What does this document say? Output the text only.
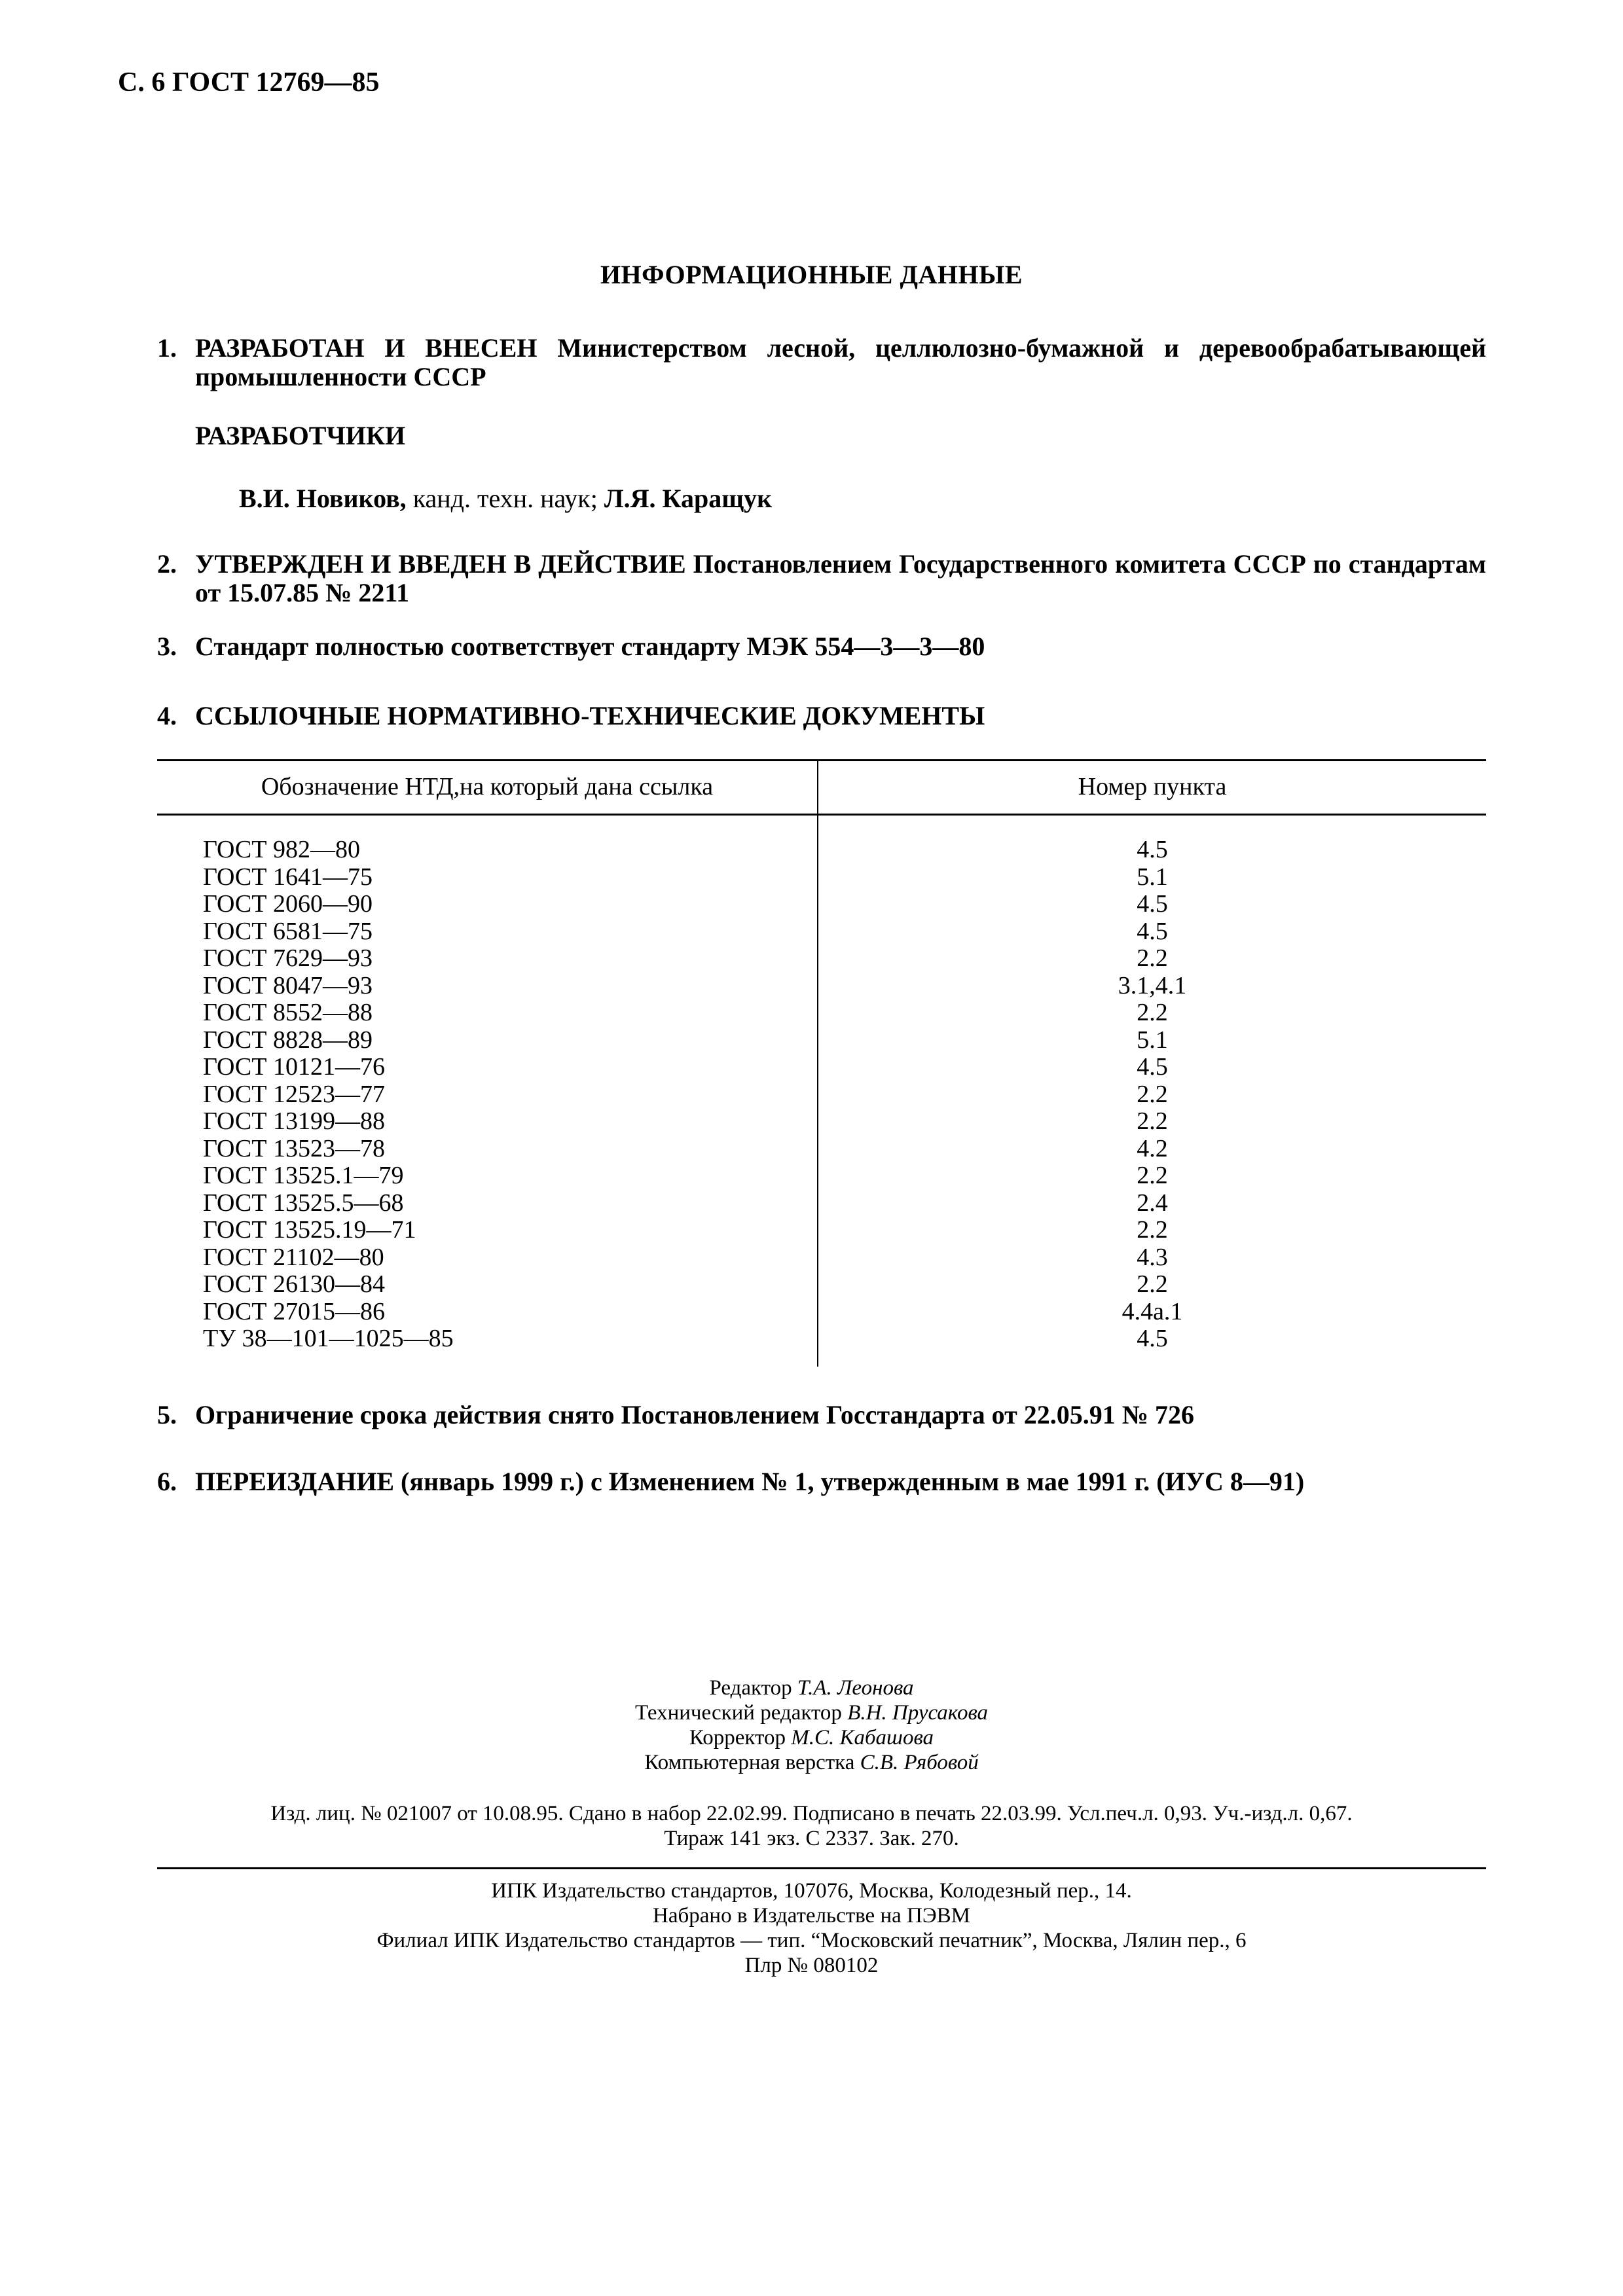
С. 6 ГОСТ 12769—85
ИНФОРМАЦИОННЫЕ ДАННЫЕ
1. РАЗРАБОТАН И ВНЕСЕН Министерством лесной, целлюлозно-бумажной и деревообрабатывающей промышленности СССР
РАЗРАБОТЧИКИ
В.И. Новиков, канд. техн. наук; Л.Я. Каращук
2. УТВЕРЖДЕН И ВВЕДЕН В ДЕЙСТВИЕ Постановлением Государственного комитета СССР по стандартам от 15.07.85 № 2211
3. Стандарт полностью соответствует стандарту МЭК 554—3—3—80
4. ССЫЛОЧНЫЕ НОРМАТИВНО-ТЕХНИЧЕСКИЕ ДОКУМЕНТЫ
Обозначение НТД,на который дана ссылка	Номер пункта
ГОСТ 982—80	4.5
ГОСТ 1641—75	5.1
ГОСТ 2060—90	4.5
ГОСТ 6581—75	4.5
ГОСТ 7629—93	2.2
ГОСТ 8047—93	3.1,4.1
ГОСТ 8552—88	2.2
ГОСТ 8828—89	5.1
ГОСТ 10121—76	4.5
ГОСТ 12523—77	2.2
ГОСТ 13199—88	2.2
ГОСТ 13523—78	4.2
ГОСТ 13525.1—79	2.2
ГОСТ 13525.5—68	2.4
ГОСТ 13525.19—71	2.2
ГОСТ 21102—80	4.3
ГОСТ 26130—84	2.2
ГОСТ 27015—86	4.4а.1
ТУ 38—101—1025—85	4.5
5. Ограничение срока действия снято Постановлением Госстандарта от 22.05.91 № 726
6. ПЕРЕИЗДАНИЕ (январь 1999 г.) с Изменением № 1, утвержденным в мае 1991 г. (ИУС 8—91)
Редактор Т.А. Леонова
Технический редактор В.Н. Прусакова
Корректор М.С. Кабашова
Компьютерная верстка С.В. Рябовой
Изд. лиц. № 021007 от 10.08.95. Сдано в набор 22.02.99. Подписано в печать 22.03.99. Усл.печ.л. 0,93. Уч.-изд.л. 0,67.
Тираж 141 экз. С 2337. Зак. 270.
ИПК Издательство стандартов, 107076, Москва, Колодезный пер., 14.
Набрано в Издательстве на ПЭВМ
Филиал ИПК Издательство стандартов — тип. “Московский печатник”, Москва, Лялин пер., 6
Плр № 080102
